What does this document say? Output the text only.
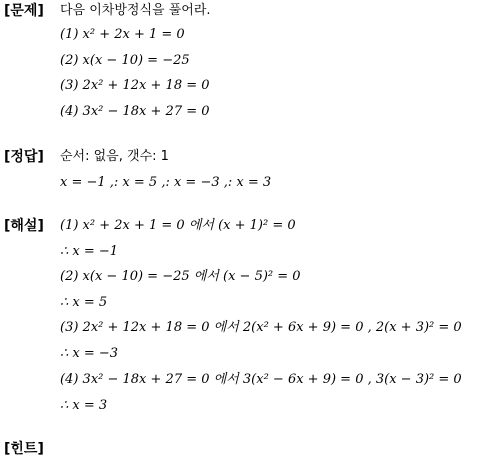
[문제] 다음 이차방정식을 풀어라.
(1) x² + 2x + 1 = 0
(2) x(x − 10) = −25
(3) 2x² + 12x + 18 = 0
(4) 3x² − 18x + 27 = 0
[정답] 순서: 없음, 갯수: 1
x = −1 ,: x = 5 ,: x = −3 ,: x = 3
[해설] (1) x² + 2x + 1 = 0 에서 (x + 1)² = 0
∴ x = −1
(2) x(x − 10) = −25 에서 (x − 5)² = 0
∴ x = 5
(3) 2x² + 12x + 18 = 0 에서 2(x² + 6x + 9) = 0 , 2(x + 3)² = 0
∴ x = −3
(4) 3x² − 18x + 27 = 0 에서 3(x² − 6x + 9) = 0 , 3(x − 3)² = 0
∴ x = 3
[힌트]
